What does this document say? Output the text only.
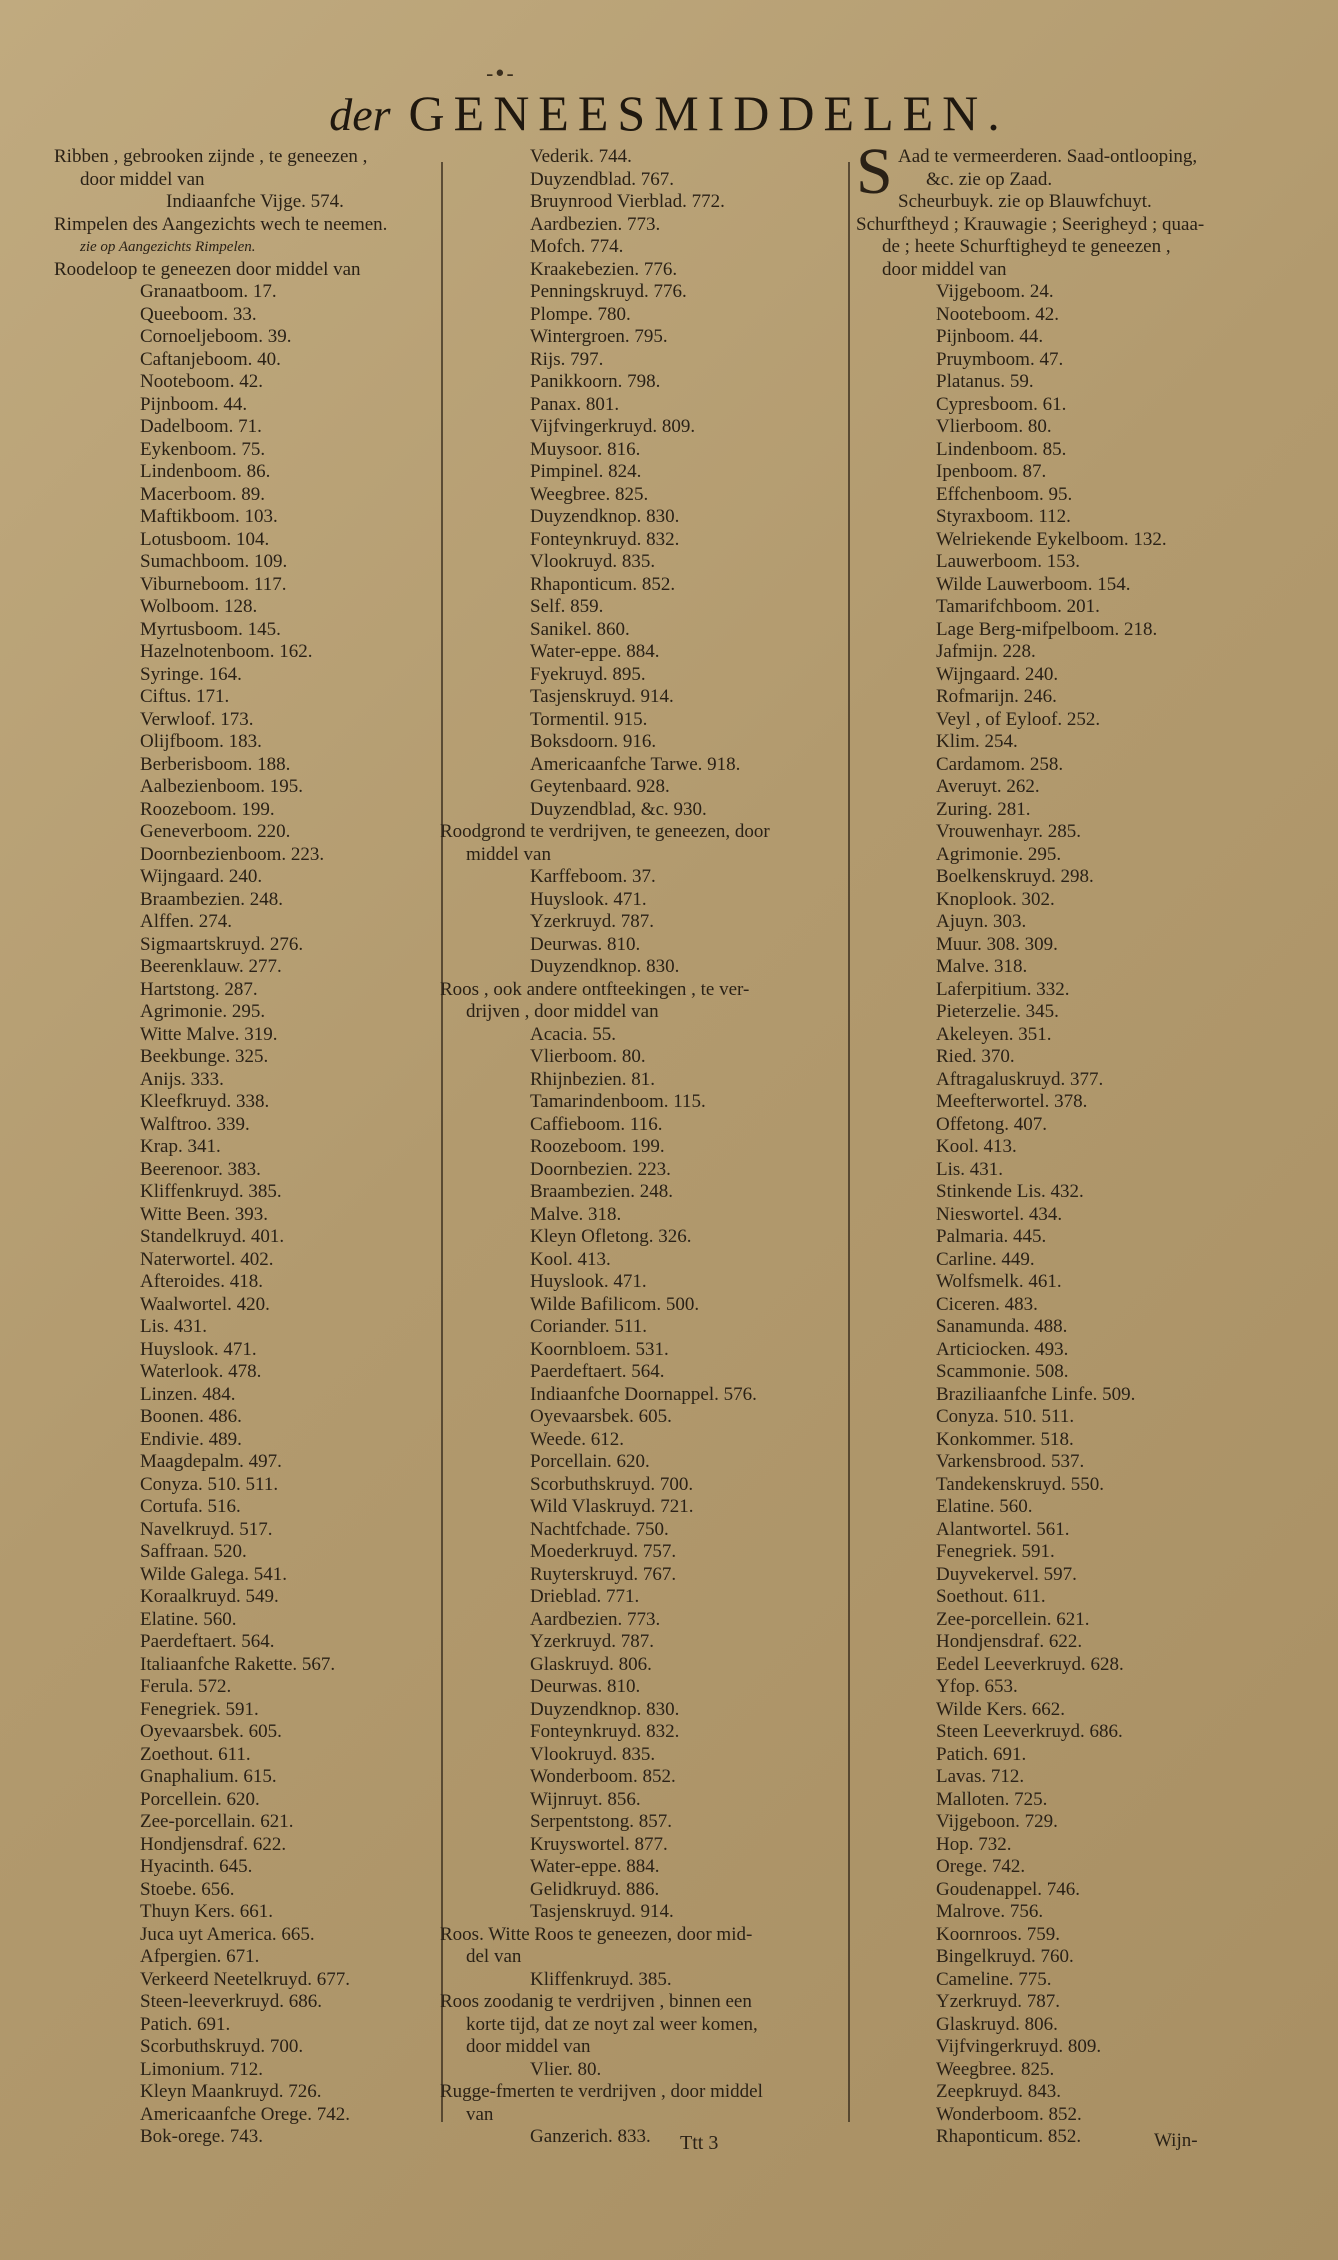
-•-
der GENEESMIDDELEN.
Ribben , gebrooken zijnde , te geneezen ,
door middel van
Indiaanfche Vijge. 574.
Rimpelen des Aangezichts wech te neemen.
zie op Aangezichts Rimpelen.
Roodeloop te geneezen door middel van
Granaatboom. 17.
Queeboom. 33.
Cornoeljeboom. 39.
Caftanjeboom. 40.
Nooteboom. 42.
Pijnboom. 44.
Dadelboom. 71.
Eykenboom. 75.
Lindenboom. 86.
Macerboom. 89.
Maftikboom. 103.
Lotusboom. 104.
Sumachboom. 109.
Viburneboom. 117.
Wolboom. 128.
Myrtusboom. 145.
Hazelnotenboom. 162.
Syringe. 164.
Ciftus. 171.
Verwloof. 173.
Olijfboom. 183.
Berberisboom. 188.
Aalbezienboom. 195.
Roozeboom. 199.
Geneverboom. 220.
Doornbezienboom. 223.
Wijngaard. 240.
Braambezien. 248.
Alffen. 274.
Sigmaartskruyd. 276.
Beerenklauw. 277.
Hartstong. 287.
Agrimonie. 295.
Witte Malve. 319.
Beekbunge. 325.
Anijs. 333.
Kleefkruyd. 338.
Walftroo. 339.
Krap. 341.
Beerenoor. 383.
Kliffenkruyd. 385.
Witte Been. 393.
Standelkruyd. 401.
Naterwortel. 402.
Afteroides. 418.
Waalwortel. 420.
Lis. 431.
Huyslook. 471.
Waterlook. 478.
Linzen. 484.
Boonen. 486.
Endivie. 489.
Maagdepalm. 497.
Conyza. 510. 511.
Cortufa. 516.
Navelkruyd. 517.
Saffraan. 520.
Wilde Galega. 541.
Koraalkruyd. 549.
Elatine. 560.
Paerdeftaert. 564.
Italiaanfche Rakette. 567.
Ferula. 572.
Fenegriek. 591.
Oyevaarsbek. 605.
Zoethout. 611.
Gnaphalium. 615.
Porcellein. 620.
Zee-porcellain. 621.
Hondjensdraf. 622.
Hyacinth. 645.
Stoebe. 656.
Thuyn Kers. 661.
Juca uyt America. 665.
Afpergien. 671.
Verkeerd Neetelkruyd. 677.
Steen-leeverkruyd. 686.
Patich. 691.
Scorbuthskruyd. 700.
Limonium. 712.
Kleyn Maankruyd. 726.
Americaanfche Orege. 742.
Bok-orege. 743.
Vederik. 744.
Duyzendblad. 767.
Bruynrood Vierblad. 772.
Aardbezien. 773.
Mofch. 774.
Kraakebezien. 776.
Penningskruyd. 776.
Plompe. 780.
Wintergroen. 795.
Rijs. 797.
Panikkoorn. 798.
Panax. 801.
Vijfvingerkruyd. 809.
Muysoor. 816.
Pimpinel. 824.
Weegbree. 825.
Duyzendknop. 830.
Fonteynkruyd. 832.
Vlookruyd. 835.
Rhaponticum. 852.
Self. 859.
Sanikel. 860.
Water-eppe. 884.
Fyekruyd. 895.
Tasjenskruyd. 914.
Tormentil. 915.
Boksdoorn. 916.
Americaanfche Tarwe. 918.
Geytenbaard. 928.
Duyzendblad, &c. 930.
Roodgrond te verdrijven, te geneezen, door
middel van
Karffeboom. 37.
Huyslook. 471.
Yzerkruyd. 787.
Deurwas. 810.
Duyzendknop. 830.
Roos , ook andere ontfteekingen , te ver-
drijven , door middel van
Acacia. 55.
Vlierboom. 80.
Rhijnbezien. 81.
Tamarindenboom. 115.
Caffieboom. 116.
Roozeboom. 199.
Doornbezien. 223.
Braambezien. 248.
Malve. 318.
Kleyn Ofletong. 326.
Kool. 413.
Huyslook. 471.
Wilde Bafilicom. 500.
Coriander. 511.
Koornbloem. 531.
Paerdeftaert. 564.
Indiaanfche Doornappel. 576.
Oyevaarsbek. 605.
Weede. 612.
Porcellain. 620.
Scorbuthskruyd. 700.
Wild Vlaskruyd. 721.
Nachtfchade. 750.
Moederkruyd. 757.
Ruyterskruyd. 767.
Drieblad. 771.
Aardbezien. 773.
Yzerkruyd. 787.
Glaskruyd. 806.
Deurwas. 810.
Duyzendknop. 830.
Fonteynkruyd. 832.
Vlookruyd. 835.
Wonderboom. 852.
Wijnruyt. 856.
Serpentstong. 857.
Kruyswortel. 877.
Water-eppe. 884.
Gelidkruyd. 886.
Tasjenskruyd. 914.
Roos. Witte Roos te geneezen, door mid-
del van
Kliffenkruyd. 385.
Roos zoodanig te verdrijven , binnen een
korte tijd, dat ze noyt zal weer komen,
door middel van
Vlier. 80.
Rugge-fmerten te verdrijven , door middel
van
Ganzerich. 833.
S Aad te vermeerderen. Saad-ontlooping,
&c. zie op Zaad.
Scheurbuyk. zie op Blauwfchuyt.
Schurftheyd ; Krauwagie ; Seerigheyd ; quaa-
de ; heete Schurftigheyd te geneezen ,
door middel van
Vijgeboom. 24.
Nooteboom. 42.
Pijnboom. 44.
Pruymboom. 47.
Platanus. 59.
Cypresboom. 61.
Vlierboom. 80.
Lindenboom. 85.
Ipenboom. 87.
Effchenboom. 95.
Styraxboom. 112.
Welriekende Eykelboom. 132.
Lauwerboom. 153.
Wilde Lauwerboom. 154.
Tamarifchboom. 201.
Lage Berg-mifpelboom. 218.
Jafmijn. 228.
Wijngaard. 240.
Rofmarijn. 246.
Veyl , of Eyloof. 252.
Klim. 254.
Cardamom. 258.
Averuyt. 262.
Zuring. 281.
Vrouwenhayr. 285.
Agrimonie. 295.
Boelkenskruyd. 298.
Knoplook. 302.
Ajuyn. 303.
Muur. 308. 309.
Malve. 318.
Laferpitium. 332.
Pieterzelie. 345.
Akeleyen. 351.
Ried. 370.
Aftragaluskruyd. 377.
Meefterwortel. 378.
Offetong. 407.
Kool. 413.
Lis. 431.
Stinkende Lis. 432.
Nieswortel. 434.
Palmaria. 445.
Carline. 449.
Wolfsmelk. 461.
Ciceren. 483.
Sanamunda. 488.
Articiocken. 493.
Scammonie. 508.
Braziliaanfche Linfe. 509.
Conyza. 510. 511.
Konkommer. 518.
Varkensbrood. 537.
Tandekenskruyd. 550.
Elatine. 560.
Alantwortel. 561.
Fenegriek. 591.
Duyvekervel. 597.
Soethout. 611.
Zee-porcellein. 621.
Hondjensdraf. 622.
Eedel Leeverkruyd. 628.
Yfop. 653.
Wilde Kers. 662.
Steen Leeverkruyd. 686.
Patich. 691.
Lavas. 712.
Malloten. 725.
Vijgeboon. 729.
Hop. 732.
Orege. 742.
Goudenappel. 746.
Malrove. 756.
Koornroos. 759.
Bingelkruyd. 760.
Cameline. 775.
Yzerkruyd. 787.
Glaskruyd. 806.
Vijfvingerkruyd. 809.
Weegbree. 825.
Zeepkruyd. 843.
Wonderboom. 852.
Rhaponticum. 852.
Ttt 3	Wijn-
